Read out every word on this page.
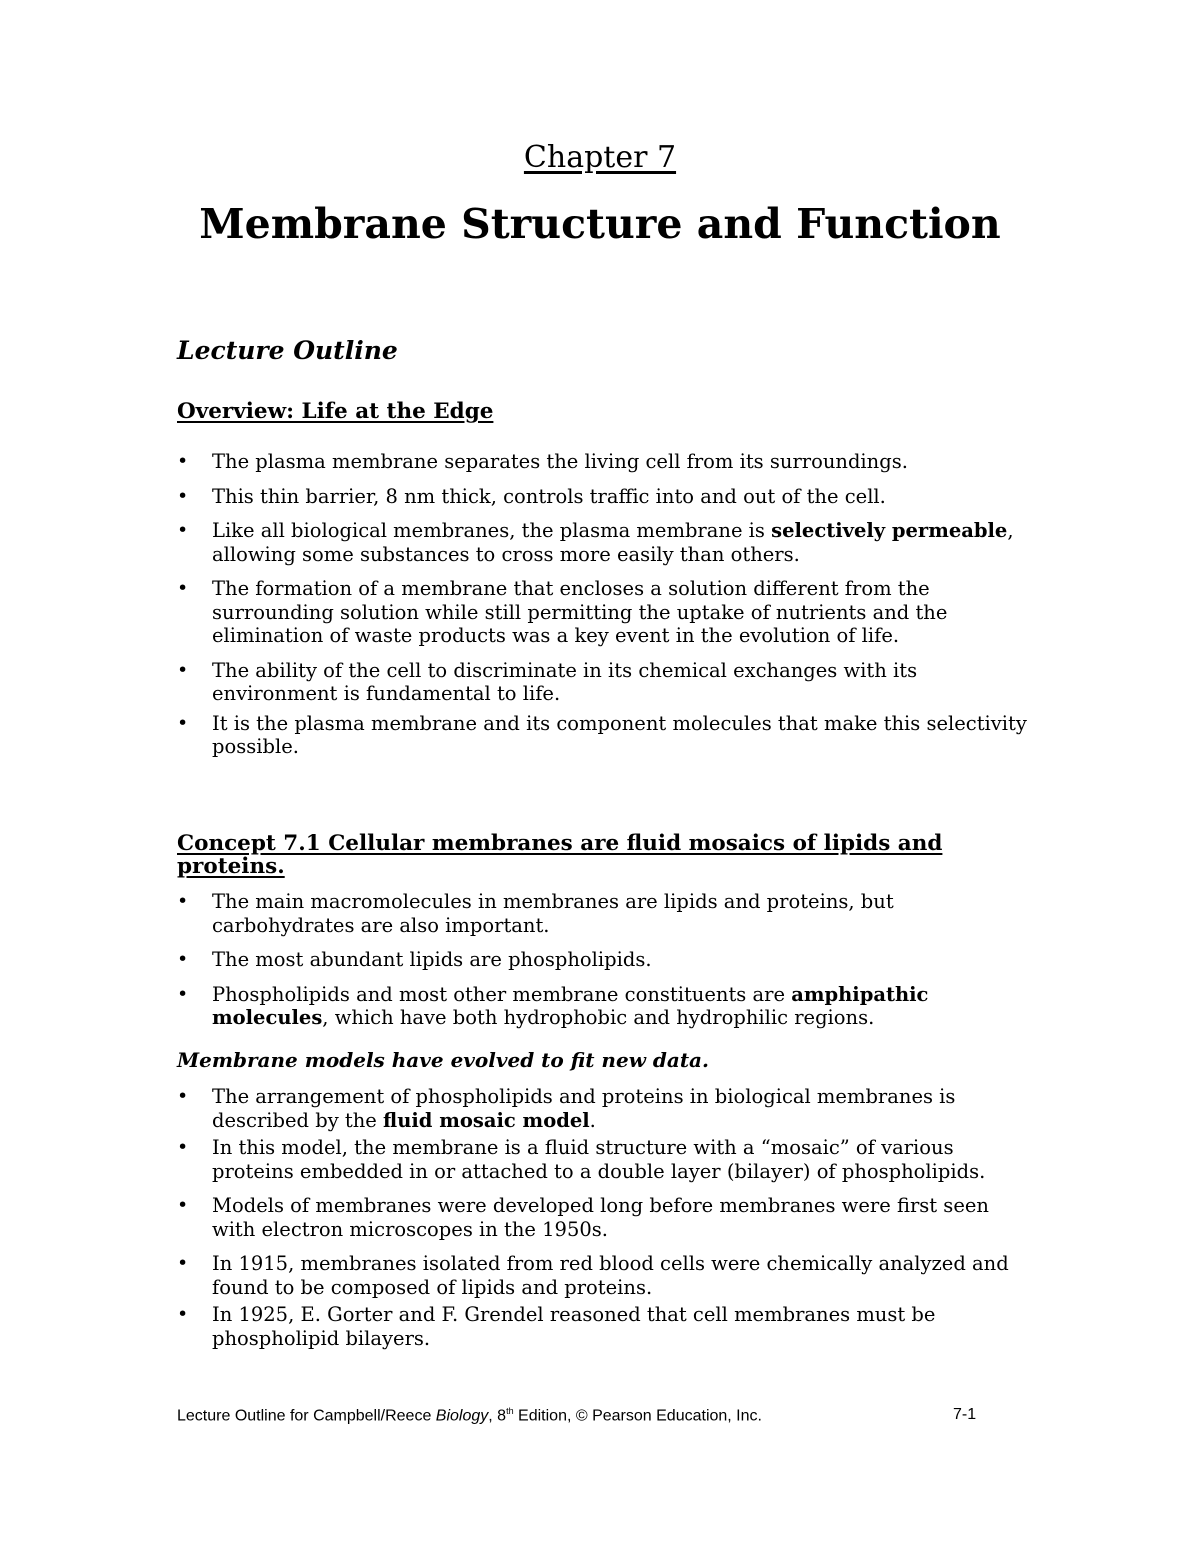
Chapter 7
Membrane Structure and Function
Lecture Outline
Overview: Life at the Edge
• The plasma membrane separates the living cell from its surroundings.
• This thin barrier, 8 nm thick, controls traffic into and out of the cell.
• Like all biological membranes, the plasma membrane is selectively permeable, allowing some substances to cross more easily than others.
• The formation of a membrane that encloses a solution different from the surrounding solution while still permitting the uptake of nutrients and the elimination of waste products was a key event in the evolution of life.
• The ability of the cell to discriminate in its chemical exchanges with its environment is fundamental to life.
• It is the plasma membrane and its component molecules that make this selectivity possible.
Concept 7.1 Cellular membranes are fluid mosaics of lipids and proteins.
• The main macromolecules in membranes are lipids and proteins, but carbohydrates are also important.
• The most abundant lipids are phospholipids.
• Phospholipids and most other membrane constituents are amphipathic molecules, which have both hydrophobic and hydrophilic regions.
Membrane models have evolved to fit new data.
• The arrangement of phospholipids and proteins in biological membranes is described by the fluid mosaic model.
• In this model, the membrane is a fluid structure with a “mosaic” of various proteins embedded in or attached to a double layer (bilayer) of phospholipids.
• Models of membranes were developed long before membranes were first seen with electron microscopes in the 1950s.
• In 1915, membranes isolated from red blood cells were chemically analyzed and found to be composed of lipids and proteins.
• In 1925, E. Gorter and F. Grendel reasoned that cell membranes must be phospholipid bilayers.
Lecture Outline for Campbell/Reece Biology, 8th Edition, © Pearson Education, Inc.	7-1
